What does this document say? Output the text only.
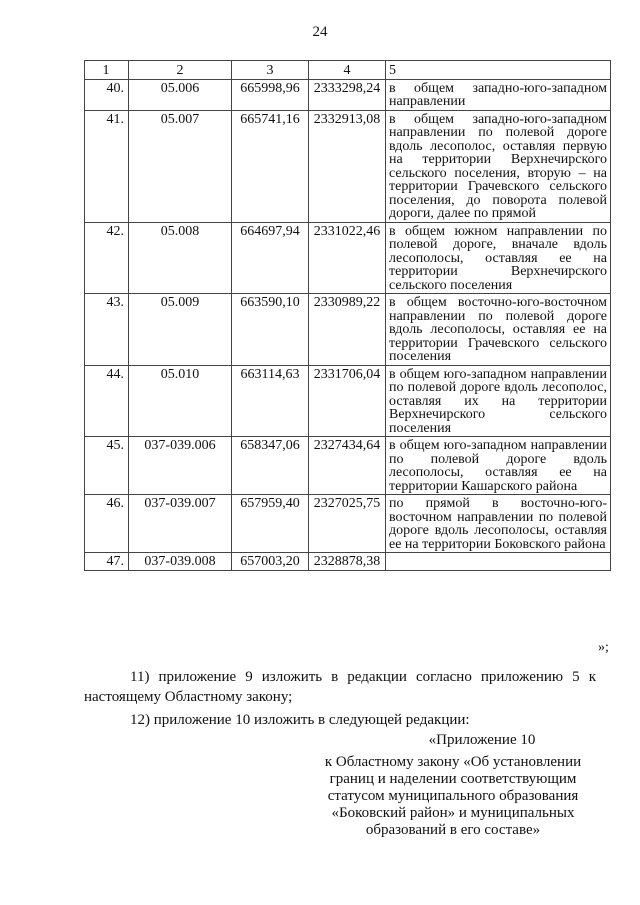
24
1	2	3	4	5
40.	05.006	665998,96	2333298,24	в общем западно-юго-западном направлении
41.	05.007	665741,16	2332913,08	в общем западно-юго-западном направлении по полевой дороге вдоль лесополос, оставляя первую на территории Верхнечирского сельского поселения, вторую – на территории Грачевского сельского поселения, до поворота полевой дороги, далее по прямой
42.	05.008	664697,94	2331022,46	в общем южном направлении по полевой дороге, вначале вдоль лесополосы, оставляя ее на территории Верхнечирского сельского поселения
43.	05.009	663590,10	2330989,22	в общем восточно-юго-восточном направлении по полевой дороге вдоль лесополосы, оставляя ее на территории Грачевского сельского поселения
44.	05.010	663114,63	2331706,04	в общем юго-западном направлении по полевой дороге вдоль лесополос, оставляя их на территории Верхнечирского сельского поселения
45.	037-039.006	658347,06	2327434,64	в общем юго-западном направлении по полевой дороге вдоль лесополосы, оставляя ее на территории Кашарского района
46.	037-039.007	657959,40	2327025,75	по прямой в восточно-юго-восточном направлении по полевой дороге вдоль лесополосы, оставляя ее на территории Боковского района
47.	037-039.008	657003,20	2328878,38	
»;
11) приложение 9 изложить в редакции согласно приложению 5 к настоящему Областному закону;
12) приложение 10 изложить в следующей редакции:
«Приложение 10
к Областному закону «Об установлении границ и наделении соответствующим статусом муниципального образования «Боковский район» и муниципальных образований в его составе»
